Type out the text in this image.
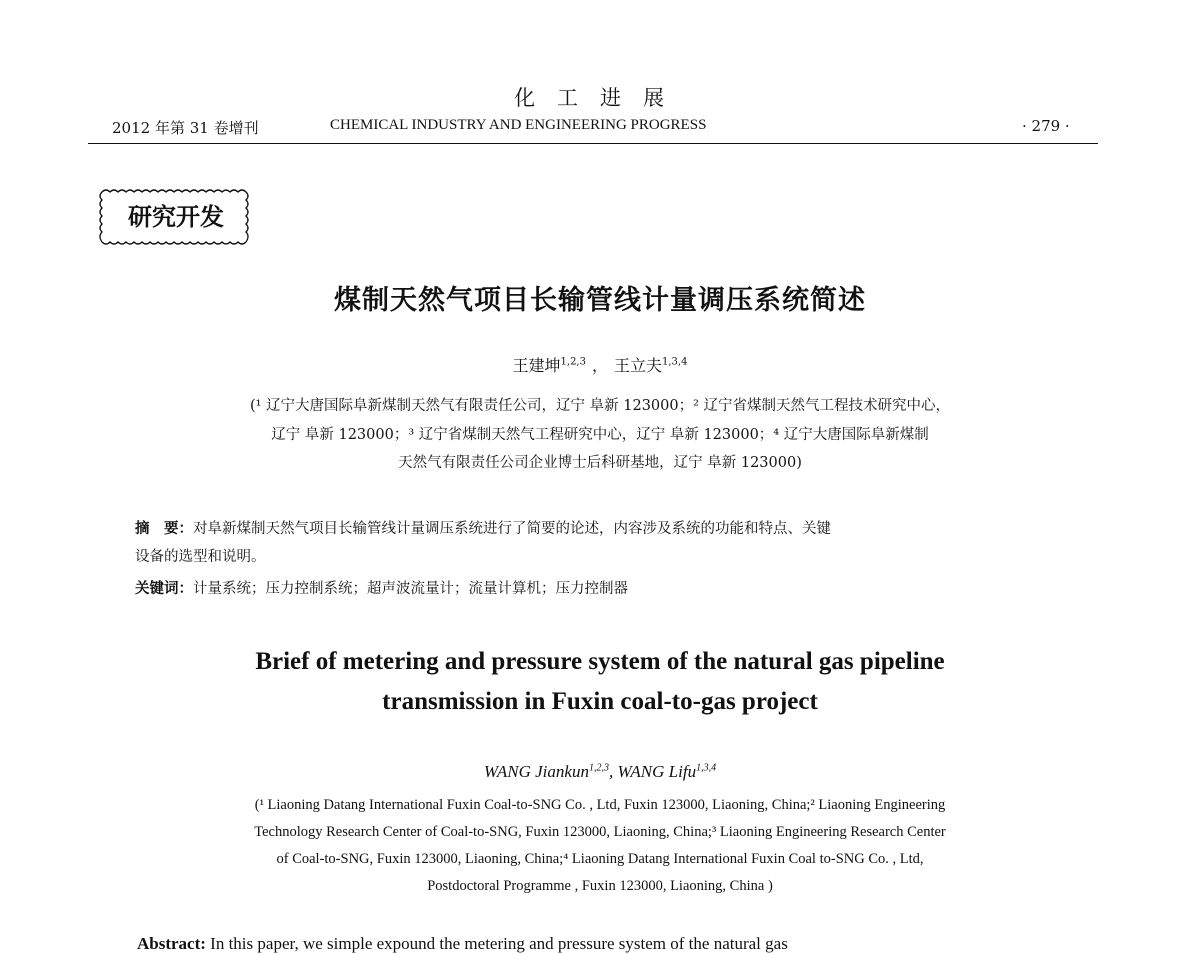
化工进展
2012 年第 31 卷增刊	CHEMICAL INDUSTRY AND ENGINEERING PROGRESS	· 279 ·
研究开发
煤制天然气项目长输管线计量调压系统简述
王建坤$^{1,2,3}$ ， 王立夫$^{1,3,4}$
(¹ 辽宁大唐国际阜新煤制天然气有限责任公司，辽宁 阜新 123000；² 辽宁省煤制天然气工程技术研究中心，
辽宁 阜新 123000；³ 辽宁省煤制天然气工程研究中心，辽宁 阜新 123000；⁴ 辽宁大唐国际阜新煤制
天然气有限责任公司企业博士后科研基地，辽宁 阜新 123000)
摘　要：对阜新煤制天然气项目长输管线计量调压系统进行了简要的论述，内容涉及系统的功能和特点、关键
设备的选型和说明。
关键词：计量系统；压力控制系统；超声波流量计；流量计算机；压力控制器
Brief of metering and pressure system of the natural gas pipeline
transmission in Fuxin coal-to-gas project
WANG Jiankun$^{1,2,3}$, WANG Lifu$^{1,3,4}$
(¹ Liaoning Datang International Fuxin Coal-to-SNG Co. , Ltd, Fuxin 123000, Liaoning, China;² Liaoning Engineering
Technology Research Center of Coal-to-SNG, Fuxin 123000, Liaoning, China;³ Liaoning Engineering Research Center
of Coal-to-SNG, Fuxin 123000, Liaoning, China;⁴ Liaoning Datang International Fuxin Coal to-SNG Co. , Ltd,
Postdoctoral Programme , Fuxin 123000, Liaoning, China )
Abstract: In this paper, we simple expound the metering and pressure system of the natural gas
